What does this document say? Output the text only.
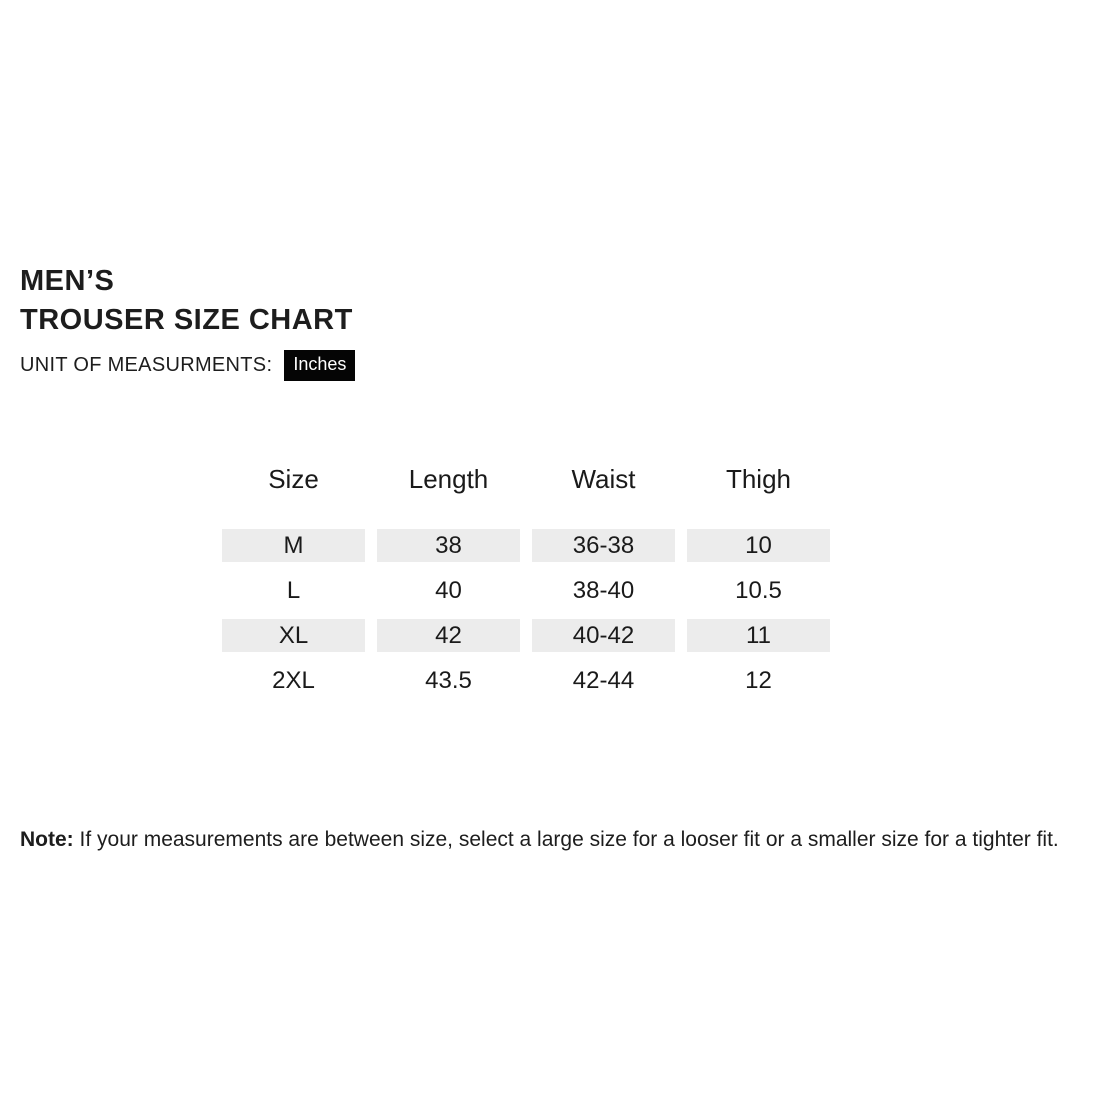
MEN’S
TROUSER SIZE CHART
UNIT OF MEASURMENTS:	Inches
Size	Length	Waist	Thigh
M	38	36-38	10
L	40	38-40	10.5
XL	42	40-42	11
2XL	43.5	42-44	12
Note: If your measurements are between size, select a large size for a looser fit or a smaller size for a tighter fit.
